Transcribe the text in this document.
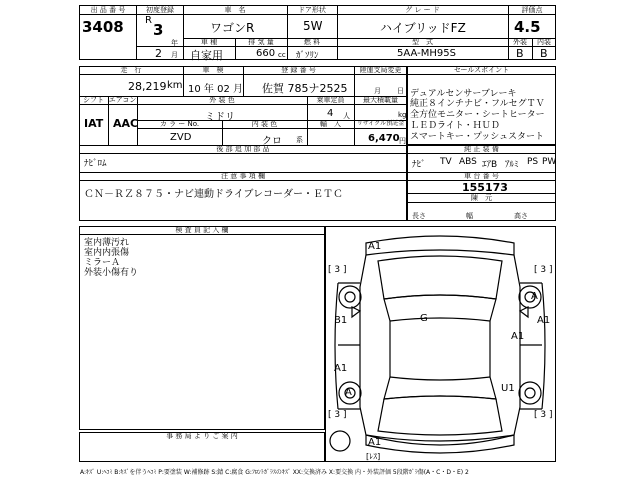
出 品 番 号
3408
初度登録
R
3
年
2 月
車　名
ワゴンR
ドア形状
5W
グ レ ー ド
ハイブリッドFZ
評価点
4.5
車 種
自家用
排 気 量
660 cc
燃 料
ｶﾞｿﾘﾝ
型　式
5AA-MH95S
外装
B
内装
B
走　行
28,219 km
車　検
10 年 02 月
登 録 番 号
佐賀 785ナ2525
陸運支局変更
月 日
シフト
IAT
エアコン
AAC
外 装 色
ミドリ
乗車定員
4 人
最大積載量
kg
カ ラ ー No.
ZVD
内 装 色
クロ 系
輸　入	リサイクル預託金
6,470 円
後 部 追 加 部 品
ﾅﾋﾞﾛﾑ
セールスポイント
デュアルセンサーブレーキ
純正８インチナビ・フルセグＴＶ
全方位モニター・シートヒーター
ＬＥＤライト・ＨＵＤ
スマートキー・プッシュスタート
純 正 装 備
ﾅﾋﾞ TV ABS ｴｱB ｱﾙﾐ PS PW
注 意 事 項 欄
ＣＮ－ＲＺ８７５・ナビ連動ドライブレコーダー・ＥＴＣ
車 台 番 号
155173
陳　元
長さ	幅	高さ
検 査 員 記 入 欄
室内薄汚れ
室内内張傷
ミラーＡ
外装小傷有り
事 務 局 よ り ご 案 内
A1
[ 3 ]	[ 3 ]
A
B1	A1
G
A1
A1
A	U1
[ 3 ]	[ 3 ]
A1
[ﾚｽ]
A:ｷｽﾞ U:ﾍｺﾐ B:ｷｽﾞを伴うﾍｺﾐ P:要塗装 W:補修跡 S:錆 C:腐食 G:ﾌﾛﾝﾄｶﾞﾗｽのｷｽﾞ XX:交換済み X:要交換 内・外装評価 5段階ｶﾞﾗ傷(A・C・D・E) 2
